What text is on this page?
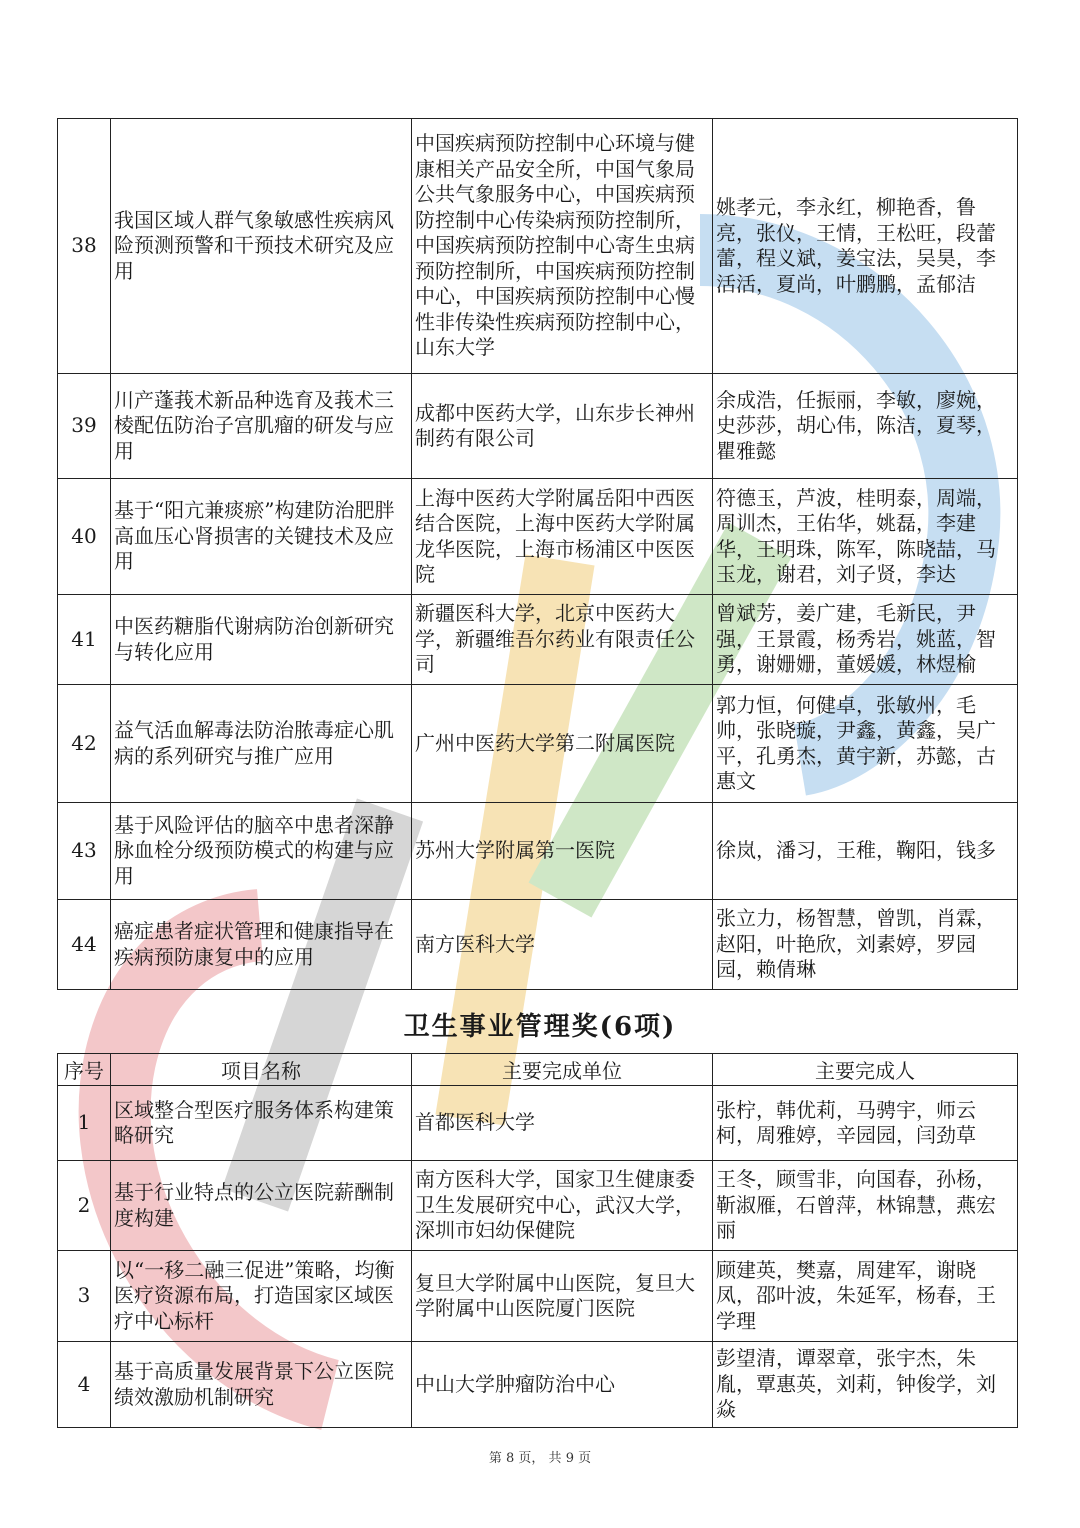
38	我国区域人群气象敏感性疾病风险预测预警和干预技术研究及应用	中国疾病预防控制中心环境与健康相关产品安全所，中国气象局公共气象服务中心，中国疾病预防控制中心传染病预防控制所，中国疾病预防控制中心寄生虫病预防控制所，中国疾病预防控制中心，中国疾病预防控制中心慢性非传染性疾病预防控制中心，山东大学	姚孝元，李永红，柳艳香，鲁亮，张仪，王情，王松旺，段蕾蕾，程义斌，姜宝法，吴昊，李活活，夏尚，叶鹏鹏，孟郁洁
39	川产蓬莪术新品种选育及莪术三棱配伍防治子宫肌瘤的研发与应用	成都中医药大学，山东步长神州制药有限公司	余成浩，任振丽，李敏，廖婉，史莎莎，胡心伟，陈洁，夏琴，瞿雅懿
40	基于“阳亢兼痰瘀”构建防治肥胖高血压心肾损害的关键技术及应用	上海中医药大学附属岳阳中西医结合医院，上海中医药大学附属龙华医院，上海市杨浦区中医医院	符德玉，芦波，桂明泰，周端，周训杰，王佑华，姚磊，李建华，王明珠，陈军，陈晓喆，马玉龙，谢君，刘子贤，李达
41	中医药糖脂代谢病防治创新研究与转化应用	新疆医科大学，北京中医药大学，新疆维吾尔药业有限责任公司	曾斌芳，姜广建，毛新民，尹强，王景霞，杨秀岩，姚蓝，智勇，谢姗姗，董媛媛，林煜榆
42	益气活血解毒法防治脓毒症心肌病的系列研究与推广应用	广州中医药大学第二附属医院	郭力恒，何健卓，张敏州，毛帅，张晓璇，尹鑫，黄鑫，吴广平，孔勇杰，黄宇新，苏懿，古惠文
43	基于风险评估的脑卒中患者深静脉血栓分级预防模式的构建与应用	苏州大学附属第一医院	徐岚，潘习，王稚，鞠阳，钱多
44	癌症患者症状管理和健康指导在疾病预防康复中的应用	南方医科大学	张立力，杨智慧，曾凯，肖霖，赵阳，叶艳欣，刘素婷，罗园园，赖倩琳
卫生事业管理奖(6项)
序号	项目名称	主要完成单位	主要完成人
1	区域整合型医疗服务体系构建策略研究	首都医科大学	张柠，韩优莉，马骋宇，师云柯，周雅婷，辛园园，闫劲草
2	基于行业特点的公立医院薪酬制度构建	南方医科大学，国家卫生健康委卫生发展研究中心，武汉大学，深圳市妇幼保健院	王冬，顾雪非，向国春，孙杨，靳淑雁，石曾萍，林锦慧，燕宏丽
3	以“一移二融三促进”策略，均衡医疗资源布局，打造国家区域医疗中心标杆	复旦大学附属中山医院，复旦大学附属中山医院厦门医院	顾建英，樊嘉，周建军，谢晓凤，邵叶波，朱延军，杨春，王学理
4	基于高质量发展背景下公立医院绩效激励机制研究	中山大学肿瘤防治中心	彭望清，谭翠章，张宇杰，朱胤，覃惠英，刘莉，钟俊学，刘焱
第 8 页， 共 9 页
